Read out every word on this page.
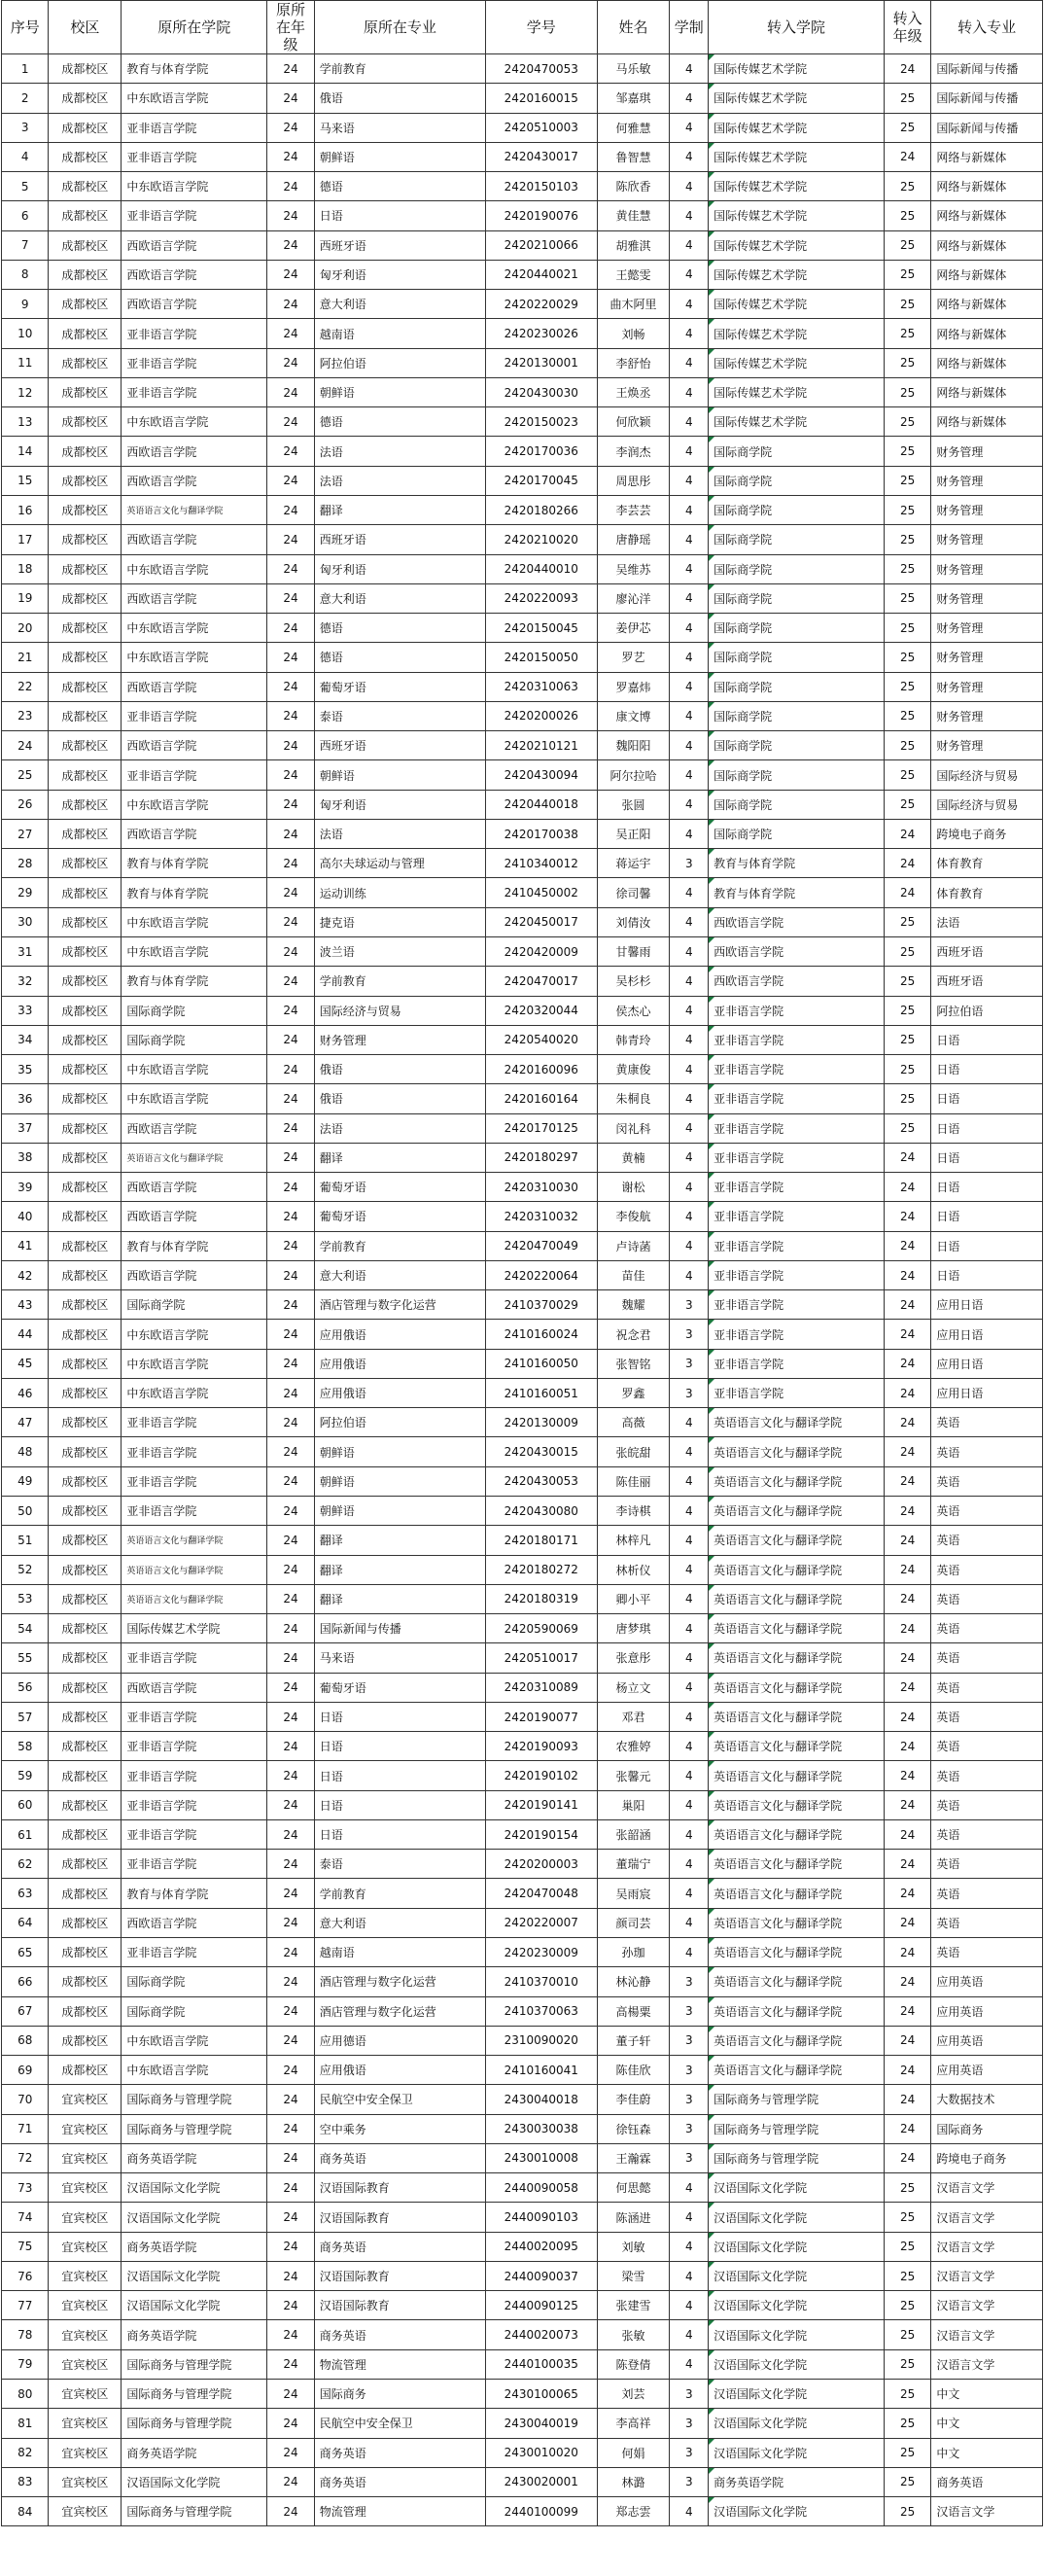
序号	校区	原所在学院	原所在年级	原所在专业	学号	姓名	学制	转入学院	转入年级	转入专业
1	成都校区	教育与体育学院	24	学前教育	2420470053	马乐敏	4	国际传媒艺术学院	24	国际新闻与传播
2	成都校区	中东欧语言学院	24	俄语	2420160015	邹嘉琪	4	国际传媒艺术学院	25	国际新闻与传播
3	成都校区	亚非语言学院	24	马来语	2420510003	何雅慧	4	国际传媒艺术学院	25	国际新闻与传播
4	成都校区	亚非语言学院	24	朝鲜语	2420430017	鲁智慧	4	国际传媒艺术学院	24	网络与新媒体
5	成都校区	中东欧语言学院	24	德语	2420150103	陈欣香	4	国际传媒艺术学院	25	网络与新媒体
6	成都校区	亚非语言学院	24	日语	2420190076	黄佳慧	4	国际传媒艺术学院	25	网络与新媒体
7	成都校区	西欧语言学院	24	西班牙语	2420210066	胡雅淇	4	国际传媒艺术学院	25	网络与新媒体
8	成都校区	西欧语言学院	24	匈牙利语	2420440021	王懿雯	4	国际传媒艺术学院	25	网络与新媒体
9	成都校区	西欧语言学院	24	意大利语	2420220029	曲木阿里	4	国际传媒艺术学院	25	网络与新媒体
10	成都校区	亚非语言学院	24	越南语	2420230026	刘畅	4	国际传媒艺术学院	25	网络与新媒体
11	成都校区	亚非语言学院	24	阿拉伯语	2420130001	李舒怡	4	国际传媒艺术学院	25	网络与新媒体
12	成都校区	亚非语言学院	24	朝鲜语	2420430030	王焕丞	4	国际传媒艺术学院	25	网络与新媒体
13	成都校区	中东欧语言学院	24	德语	2420150023	何欣颖	4	国际传媒艺术学院	25	网络与新媒体
14	成都校区	西欧语言学院	24	法语	2420170036	李润杰	4	国际商学院	25	财务管理
15	成都校区	西欧语言学院	24	法语	2420170045	周思彤	4	国际商学院	25	财务管理
16	成都校区	英语语言文化与翻译学院	24	翻译	2420180266	李芸芸	4	国际商学院	25	财务管理
17	成都校区	西欧语言学院	24	西班牙语	2420210020	唐静瑶	4	国际商学院	25	财务管理
18	成都校区	中东欧语言学院	24	匈牙利语	2420440010	吴维苏	4	国际商学院	25	财务管理
19	成都校区	西欧语言学院	24	意大利语	2420220093	廖沁洋	4	国际商学院	25	财务管理
20	成都校区	中东欧语言学院	24	德语	2420150045	姜伊芯	4	国际商学院	25	财务管理
21	成都校区	中东欧语言学院	24	德语	2420150050	罗艺	4	国际商学院	25	财务管理
22	成都校区	西欧语言学院	24	葡萄牙语	2420310063	罗嘉炜	4	国际商学院	25	财务管理
23	成都校区	亚非语言学院	24	泰语	2420200026	康文博	4	国际商学院	25	财务管理
24	成都校区	西欧语言学院	24	西班牙语	2420210121	魏阳阳	4	国际商学院	25	财务管理
25	成都校区	亚非语言学院	24	朝鲜语	2420430094	阿尔拉哈	4	国际商学院	25	国际经济与贸易
26	成都校区	中东欧语言学院	24	匈牙利语	2420440018	张圆	4	国际商学院	25	国际经济与贸易
27	成都校区	西欧语言学院	24	法语	2420170038	吴正阳	4	国际商学院	24	跨境电子商务
28	成都校区	教育与体育学院	24	高尔夫球运动与管理	2410340012	蒋运宇	3	教育与体育学院	24	体育教育
29	成都校区	教育与体育学院	24	运动训练	2410450002	徐司馨	4	教育与体育学院	24	体育教育
30	成都校区	中东欧语言学院	24	捷克语	2420450017	刘倩汝	4	西欧语言学院	25	法语
31	成都校区	中东欧语言学院	24	波兰语	2420420009	甘馨雨	4	西欧语言学院	25	西班牙语
32	成都校区	教育与体育学院	24	学前教育	2420470017	吴杉杉	4	西欧语言学院	25	西班牙语
33	成都校区	国际商学院	24	国际经济与贸易	2420320044	侯杰心	4	亚非语言学院	25	阿拉伯语
34	成都校区	国际商学院	24	财务管理	2420540020	韩青玲	4	亚非语言学院	25	日语
35	成都校区	中东欧语言学院	24	俄语	2420160096	黄康俊	4	亚非语言学院	25	日语
36	成都校区	中东欧语言学院	24	俄语	2420160164	朱桐良	4	亚非语言学院	25	日语
37	成都校区	西欧语言学院	24	法语	2420170125	闵礼科	4	亚非语言学院	25	日语
38	成都校区	英语语言文化与翻译学院	24	翻译	2420180297	黄楠	4	亚非语言学院	24	日语
39	成都校区	西欧语言学院	24	葡萄牙语	2420310030	谢松	4	亚非语言学院	24	日语
40	成都校区	西欧语言学院	24	葡萄牙语	2420310032	李俊航	4	亚非语言学院	24	日语
41	成都校区	教育与体育学院	24	学前教育	2420470049	卢诗菡	4	亚非语言学院	24	日语
42	成都校区	西欧语言学院	24	意大利语	2420220064	苗佳	4	亚非语言学院	24	日语
43	成都校区	国际商学院	24	酒店管理与数字化运营	2410370029	魏耀	3	亚非语言学院	24	应用日语
44	成都校区	中东欧语言学院	24	应用俄语	2410160024	祝念君	3	亚非语言学院	24	应用日语
45	成都校区	中东欧语言学院	24	应用俄语	2410160050	张智铭	3	亚非语言学院	24	应用日语
46	成都校区	中东欧语言学院	24	应用俄语	2410160051	罗鑫	3	亚非语言学院	24	应用日语
47	成都校区	亚非语言学院	24	阿拉伯语	2420130009	高薇	4	英语语言文化与翻译学院	24	英语
48	成都校区	亚非语言学院	24	朝鲜语	2420430015	张皖甜	4	英语语言文化与翻译学院	24	英语
49	成都校区	亚非语言学院	24	朝鲜语	2420430053	陈佳丽	4	英语语言文化与翻译学院	24	英语
50	成都校区	亚非语言学院	24	朝鲜语	2420430080	李诗棋	4	英语语言文化与翻译学院	24	英语
51	成都校区	英语语言文化与翻译学院	24	翻译	2420180171	林梓凡	4	英语语言文化与翻译学院	24	英语
52	成都校区	英语语言文化与翻译学院	24	翻译	2420180272	林析仪	4	英语语言文化与翻译学院	24	英语
53	成都校区	英语语言文化与翻译学院	24	翻译	2420180319	卿小平	4	英语语言文化与翻译学院	24	英语
54	成都校区	国际传媒艺术学院	24	国际新闻与传播	2420590069	唐梦琪	4	英语语言文化与翻译学院	24	英语
55	成都校区	亚非语言学院	24	马来语	2420510017	张意彤	4	英语语言文化与翻译学院	24	英语
56	成都校区	西欧语言学院	24	葡萄牙语	2420310089	杨立文	4	英语语言文化与翻译学院	24	英语
57	成都校区	亚非语言学院	24	日语	2420190077	邓君	4	英语语言文化与翻译学院	24	英语
58	成都校区	亚非语言学院	24	日语	2420190093	农雅婷	4	英语语言文化与翻译学院	24	英语
59	成都校区	亚非语言学院	24	日语	2420190102	张馨元	4	英语语言文化与翻译学院	24	英语
60	成都校区	亚非语言学院	24	日语	2420190141	巢阳	4	英语语言文化与翻译学院	24	英语
61	成都校区	亚非语言学院	24	日语	2420190154	张韶涵	4	英语语言文化与翻译学院	24	英语
62	成都校区	亚非语言学院	24	泰语	2420200003	董瑞宁	4	英语语言文化与翻译学院	24	英语
63	成都校区	教育与体育学院	24	学前教育	2420470048	吴雨宸	4	英语语言文化与翻译学院	24	英语
64	成都校区	西欧语言学院	24	意大利语	2420220007	颜司芸	4	英语语言文化与翻译学院	24	英语
65	成都校区	亚非语言学院	24	越南语	2420230009	孙珈	4	英语语言文化与翻译学院	24	英语
66	成都校区	国际商学院	24	酒店管理与数字化运营	2410370010	林沁静	3	英语语言文化与翻译学院	24	应用英语
67	成都校区	国际商学院	24	酒店管理与数字化运营	2410370063	高楊粟	3	英语语言文化与翻译学院	24	应用英语
68	成都校区	中东欧语言学院	24	应用德语	2310090020	董子轩	3	英语语言文化与翻译学院	24	应用英语
69	成都校区	中东欧语言学院	24	应用俄语	2410160041	陈佳欣	3	英语语言文化与翻译学院	24	应用英语
70	宜宾校区	国际商务与管理学院	24	民航空中安全保卫	2430040018	李佳蔚	3	国际商务与管理学院	24	大数据技术
71	宜宾校区	国际商务与管理学院	24	空中乘务	2430030038	徐钰森	3	国际商务与管理学院	24	国际商务
72	宜宾校区	商务英语学院	24	商务英语	2430010008	王瀚霖	3	国际商务与管理学院	24	跨境电子商务
73	宜宾校区	汉语国际文化学院	24	汉语国际教育	2440090058	何思懿	4	汉语国际文化学院	25	汉语言文学
74	宜宾校区	汉语国际文化学院	24	汉语国际教育	2440090103	陈涵进	4	汉语国际文化学院	25	汉语言文学
75	宜宾校区	商务英语学院	24	商务英语	2440020095	刘敏	4	汉语国际文化学院	25	汉语言文学
76	宜宾校区	汉语国际文化学院	24	汉语国际教育	2440090037	梁雪	4	汉语国际文化学院	25	汉语言文学
77	宜宾校区	汉语国际文化学院	24	汉语国际教育	2440090125	张建雪	4	汉语国际文化学院	25	汉语言文学
78	宜宾校区	商务英语学院	24	商务英语	2440020073	张敏	4	汉语国际文化学院	25	汉语言文学
79	宜宾校区	国际商务与管理学院	24	物流管理	2440100035	陈登倩	4	汉语国际文化学院	25	汉语言文学
80	宜宾校区	国际商务与管理学院	24	国际商务	2430100065	刘芸	3	汉语国际文化学院	25	中文
81	宜宾校区	国际商务与管理学院	24	民航空中安全保卫	2430040019	李高祥	3	汉语国际文化学院	25	中文
82	宜宾校区	商务英语学院	24	商务英语	2430010020	何娟	3	汉语国际文化学院	25	中文
83	宜宾校区	汉语国际文化学院	24	商务英语	2430020001	林潞	3	商务英语学院	25	商务英语
84	宜宾校区	国际商务与管理学院	24	物流管理	2440100099	郑志雲	4	汉语国际文化学院	25	汉语言文学
